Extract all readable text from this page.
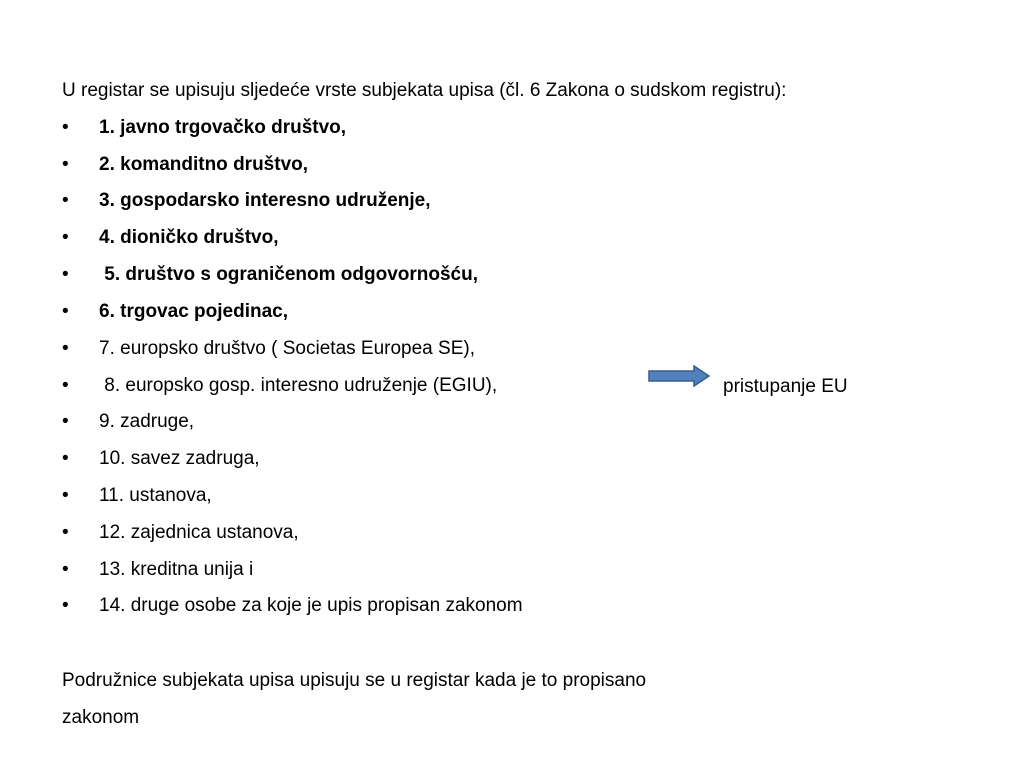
U registar se upisuju sljedeće vrste subjekata upisa (čl. 6 Zakona o sudskom registru):
•	1. javno trgovačko društvo,
•	2. komanditno društvo,
•	3. gospodarsko interesno udruženje,
•	4. dioničko društvo,
•	5. društvo s ograničenom odgovornošću,
•	6. trgovac pojedinac,
•	7. europsko društvo ( Societas Europea SE),
•	8. europsko gosp. interesno udruženje (EGIU),
•	9. zadruge,
•	10. savez zadruga,
•	11. ustanova,
•	12. zajednica ustanova,
•	13. kreditna unija i
•	14. druge osobe za koje je upis propisan zakonom
pristupanje EU
Podružnice subjekata upisa upisuju se u registar kada je to propisano
zakonom
